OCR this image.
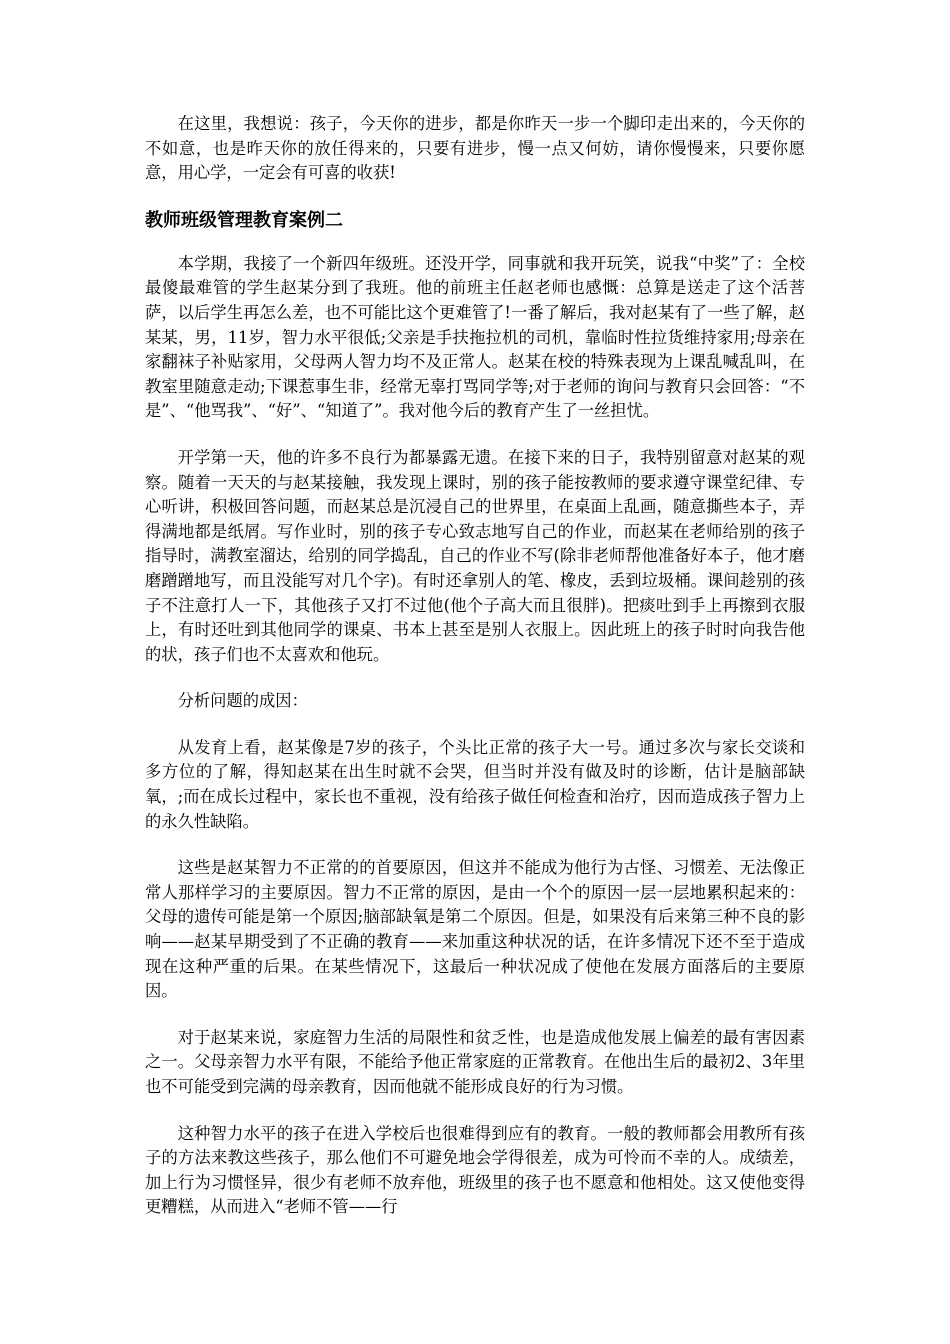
在这里，我想说：孩子，今天你的进步，都是你昨天一步一个脚印走出来的，今天你的不如意，也是昨天你的放任得来的，只要有进步，慢一点又何妨，请你慢慢来，只要你愿意，用心学，一定会有可喜的收获!

教师班级管理教育案例二

本学期，我接了一个新四年级班。还没开学，同事就和我开玩笑，说我“中奖”了：全校最傻最难管的学生赵某分到了我班。他的前班主任赵老师也感慨：总算是送走了这个活菩萨，以后学生再怎么差，也不可能比这个更难管了!一番了解后，我对赵某有了一些了解，赵某某，男，11岁，智力水平很低;父亲是手扶拖拉机的司机，靠临时性拉货维持家用;母亲在家翻袜子补贴家用，父母两人智力均不及正常人。赵某在校的特殊表现为上课乱喊乱叫，在教室里随意走动;下课惹事生非，经常无辜打骂同学等;对于老师的询问与教育只会回答：“不是”、“他骂我”、“好”、“知道了”。我对他今后的教育产生了一丝担忧。

开学第一天，他的许多不良行为都暴露无遗。在接下来的日子，我特别留意对赵某的观察。随着一天天的与赵某接触，我发现上课时，别的孩子能按教师的要求遵守课堂纪律、专心听讲，积极回答问题，而赵某总是沉浸自己的世界里，在桌面上乱画，随意撕些本子，弄得满地都是纸屑。写作业时，别的孩子专心致志地写自己的作业，而赵某在老师给别的孩子指导时，满教室溜达，给别的同学捣乱，自己的作业不写(除非老师帮他准备好本子，他才磨磨蹭蹭地写，而且没能写对几个字)。有时还拿别人的笔、橡皮，丢到垃圾桶。课间趁别的孩子不注意打人一下，其他孩子又打不过他(他个子高大而且很胖)。把痰吐到手上再擦到衣服上，有时还吐到其他同学的课桌、书本上甚至是别人衣服上。因此班上的孩子时时向我告他的状，孩子们也不太喜欢和他玩。

分析问题的成因：

从发育上看，赵某像是7岁的孩子，个头比正常的孩子大一号。通过多次与家长交谈和多方位的了解，得知赵某在出生时就不会哭，但当时并没有做及时的诊断，估计是脑部缺氧，;而在成长过程中，家长也不重视，没有给孩子做任何检查和治疗，因而造成孩子智力上的永久性缺陷。

这些是赵某智力不正常的的首要原因，但这并不能成为他行为古怪、习惯差、无法像正常人那样学习的主要原因。智力不正常的原因，是由一个个的原因一层一层地累积起来的：父母的遗传可能是第一个原因;脑部缺氧是第二个原因。但是，如果没有后来第三种不良的影响——赵某早期受到了不正确的教育——来加重这种状况的话，在许多情况下还不至于造成现在这种严重的后果。在某些情况下，这最后一种状况成了使他在发展方面落后的主要原因。

对于赵某来说，家庭智力生活的局限性和贫乏性，也是造成他发展上偏差的最有害因素之一。父母亲智力水平有限，不能给予他正常家庭的正常教育。在他出生后的最初2、3年里也不可能受到完满的母亲教育，因而他就不能形成良好的行为习惯。

这种智力水平的孩子在进入学校后也很难得到应有的教育。一般的教师都会用教所有孩子的方法来教这些孩子，那么他们不可避免地会学得很差，成为可怜而不幸的人。成绩差，加上行为习惯怪异，很少有老师不放弃他，班级里的孩子也不愿意和他相处。这又使他变得更糟糕，从而进入“老师不管——行
